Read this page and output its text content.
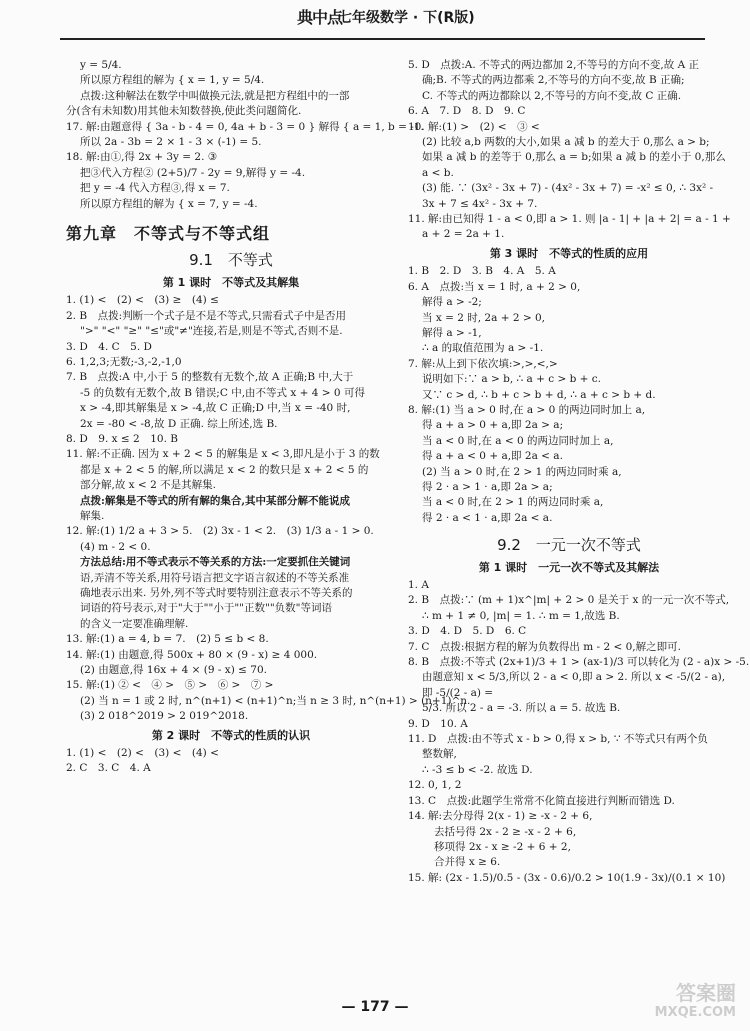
典中点
七年级数学 · 下(R版)
y = 5/4.
所以原方程组的解为 { x = 1, y = 5/4.
点拨:这种解法在数学中叫做换元法,就是把方程组中的一部
分(含有未知数)用其他未知数替换,使此类问题简化.
17. 解:由题意得 { 3a - b - 4 = 0, 4a + b - 3 = 0 } 解得 { a = 1, b = -1.
所以 2a - 3b = 2 × 1 - 3 × (-1) = 5.
18. 解:由①,得 2x + 3y = 2. ③
把③代入方程② (2+5)/7 - 2y = 9,解得 y = -4.
把 y = -4 代入方程③,得 x = 7.
所以原方程组的解为 { x = 7, y = -4.
第九章　不等式与不等式组
9.1　不等式
第 1 课时　不等式及其解集
1. (1) <　(2) <　(3) ≥　(4) ≤
2. B　点拨:判断一个式子是不是不等式,只需看式子中是否用
">" "<" "≥" "≤"或"≠"连接,若是,则是不等式,否则不是.
3. D　4. C　5. D
6. 1,2,3;无数;-3,-2,-1,0
7. B　点拨:A 中,小于 5 的整数有无数个,故 A 正确;B 中,大于
-5 的负数有无数个,故 B 错误;C 中,由不等式 x + 4 > 0 可得
x > -4,即其解集是 x > -4,故 C 正确;D 中,当 x = -40 时,
2x = -80 < -8,故 D 正确. 综上所述,选 B.
8. D　9. x ≤ 2　10. B
11. 解:不正确. 因为 x + 2 < 5 的解集是 x < 3,即凡是小于 3 的数
都是 x + 2 < 5 的解,所以满足 x < 2 的数只是 x + 2 < 5 的
部分解,故 x < 2 不是其解集.
点拨:解集是不等式的所有解的集合,其中某部分解不能说成
解集.
12. 解:(1) 1/2 a + 3 > 5.　(2) 3x - 1 < 2.　(3) 1/3 a - 1 > 0.
(4) m - 2 < 0.
方法总结:用不等式表示不等关系的方法:一定要抓住关键词
语,弄清不等关系,用符号语言把文字语言叙述的不等关系准
确地表示出来. 另外,列不等式时要特别注意表示不等关系的
词语的符号表示,对于"大于""小于""正数""负数"等词语
的含义一定要准确理解.
13. 解:(1) a = 4, b = 7.　(2) 5 ≤ b < 8.
14. 解:(1) 由题意,得 500x + 80 × (9 - x) ≥ 4 000.
(2) 由题意,得 16x + 4 × (9 - x) ≤ 70.
15. 解:(1) ② <　④ >　⑤ >　⑥ >　⑦ >
(2) 当 n = 1 或 2 时, n^(n+1) < (n+1)^n;当 n ≥ 3 时, n^(n+1) > (n+1)^n.
(3) 2 018^2019 > 2 019^2018.
第 2 课时　不等式的性质的认识
1. (1) <　(2) <　(3) <　(4) <
2. C　3. C　4. A
5. D　点拨:A. 不等式的两边都加 2,不等号的方向不变,故 A 正
确;B. 不等式的两边都乘 2,不等号的方向不变,故 B 正确;
C. 不等式的两边都除以 2,不等号的方向不变,故 C 正确.
6. A　7. D　8. D　9. C
10. 解:(1) >　(2) <　③ <
(2) 比较 a,b 两数的大小,如果 a 减 b 的差大于 0,那么 a > b;
如果 a 减 b 的差等于 0,那么 a = b;如果 a 减 b 的差小于 0,那么 a < b.
(3) 能. ∵ (3x² - 3x + 7) - (4x² - 3x + 7) = -x² ≤ 0, ∴ 3x² -
3x + 7 ≤ 4x² - 3x + 7.
11. 解:由已知得 1 - a < 0,即 a > 1. 则 |a - 1| + |a + 2| = a - 1 +
a + 2 = 2a + 1.
第 3 课时　不等式的性质的应用
1. B　2. D　3. B　4. A　5. A
6. A　点拨:当 x = 1 时, a + 2 > 0,
解得 a > -2;
当 x = 2 时, 2a + 2 > 0,
解得 a > -1,
∴ a 的取值范围为 a > -1.
7. 解:从上到下依次填:>,>,<,>
说明如下:∵ a > b, ∴ a + c > b + c.
又∵ c > d, ∴ b + c > b + d, ∴ a + c > b + d.
8. 解:(1) 当 a > 0 时,在 a > 0 的两边同时加上 a,
得 a + a > 0 + a,即 2a > a;
当 a < 0 时,在 a < 0 的两边同时加上 a,
得 a + a < 0 + a,即 2a < a.
(2) 当 a > 0 时,在 2 > 1 的两边同时乘 a,
得 2 · a > 1 · a,即 2a > a;
当 a < 0 时,在 2 > 1 的两边同时乘 a,
得 2 · a < 1 · a,即 2a < a.
9.2　一元一次不等式
第 1 课时　一元一次不等式及其解法
1. A
2. B　点拨:∵ (m + 1)x^|m| + 2 > 0 是关于 x 的一元一次不等式,
∴ m + 1 ≠ 0, |m| = 1. ∴ m = 1,故选 B.
3. D　4. D　5. D　6. C
7. C　点拨:根据方程的解为负数得出 m - 2 < 0,解之即可.
8. B　点拨:不等式 (2x+1)/3 + 1 > (ax-1)/3 可以转化为 (2 - a)x > -5.
由题意知 x < 5/3,所以 2 - a < 0,即 a > 2. 所以 x < -5/(2 - a),即 -5/(2 - a) =
5/3. 所以 2 - a = -3. 所以 a = 5. 故选 B.
9. D　10. A
11. D　点拨:由不等式 x - b > 0,得 x > b, ∵ 不等式只有两个负
整数解,
∴ -3 ≤ b < -2. 故选 D.
12. 0, 1, 2
13. C　点拨:此题学生常常不化简直接进行判断而错选 D.
14. 解:去分母得 2(x - 1) ≥ -x - 2 + 6,
去括号得 2x - 2 ≥ -x - 2 + 6,
移项得 2x - x ≥ -2 + 6 + 2,
合并得 x ≥ 6.
15. 解: (2x - 1.5)/0.5 - (3x - 0.6)/0.2 > 10(1.9 - 3x)/(0.1 × 10)
— 177 —
答案圈
MXQE.COM
